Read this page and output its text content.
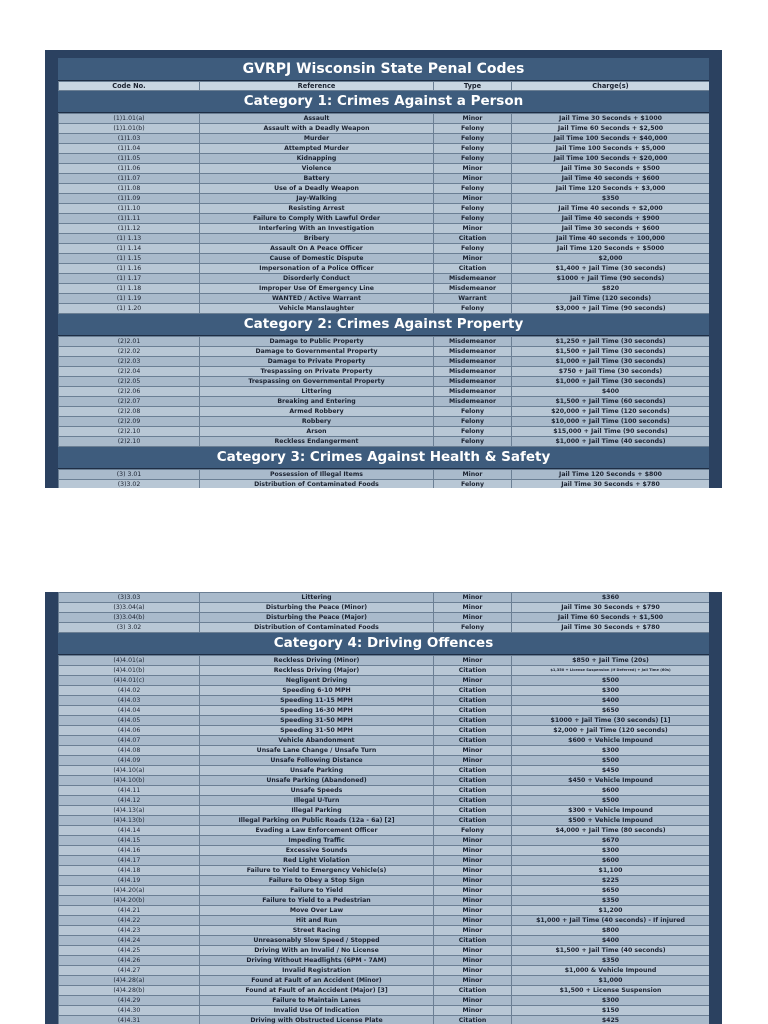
GVRPJ Wisconsin State Penal Codes
Code No.	Reference	Type	Charge(s)
Category 1: Crimes Against a Person
(1)1.01(a)	Assault	Minor	Jail Time 30 Seconds + $1000
(1)1.01(b)	Assault with a Deadly Weapon	Felony	Jail Time 60 Seconds + $2,500
(1)1.03	Murder	Felony	Jail Time 100 Seconds + $40,000
(1)1.04	Attempted Murder	Felony	Jail Time 100 Seconds + $5,000
(1)1.05	Kidnapping	Felony	Jail Time 100 Seconds + $20,000
(1)1.06	Violence	Minor	Jail Time 30 Seconds + $500
(1)1.07	Battery	Minor	Jail Time 40 seconds + $600
(1)1.08	Use of a Deadly Weapon	Felony	Jail Time 120 Seconds + $3,000
(1)1.09	Jay-Walking	Minor	$350
(1)1.10	Resisting Arrest	Felony	Jail Time 40 seconds + $2,000
(1)1.11	Failure to Comply With Lawful Order	Felony	Jail Time 40 seconds + $900
(1)1.12	Interfering With an Investigation	Minor	Jail Time 30 seconds + $600
(1) 1.13	Bribery	Citation	Jail Time 40 seconds + 100,000
(1) 1.14	Assault On A Peace Officer	Felony	Jail Time 120 Seconds + $5000
(1) 1.15	Cause of Domestic Dispute	Minor	$2,000
(1) 1.16	Impersonation of a Police Officer	Citation	$1,400 + Jail Time (30 seconds)
(1) 1.17	Disorderly Conduct	Misdemeanor	$1000 + Jail Time (90 seconds)
(1) 1.18	Improper Use Of Emergency Line	Misdemeanor	$820
(1) 1.19	WANTED / Active Warrant	Warrant	Jail Time (120 seconds)
(1) 1.20	Vehicle Manslaughter	Felony	$3,000 + Jail Time (90 seconds)
Category 2: Crimes Against Property
(2)2.01	Damage to Public Property	Misdemeanor	$1,250 + Jail Time (30 seconds)
(2)2.02	Damage to Governmental Property	Misdemeanor	$1,500 + Jail Time (30 seconds)
(2)2.03	Damage to Private Property	Misdemeanor	$1,000 + Jail Time (30 seconds)
(2)2.04	Trespassing on Private Property	Misdemeanor	$750 + Jail Time (30 seconds)
(2)2.05	Trespassing on Governmental Property	Misdemeanor	$1,000 + Jail Time (30 seconds)
(2)2.06	Littering	Misdemeanor	$400
(2)2.07	Breaking and Entering	Misdemeanor	$1,500 + Jail Time (60 seconds)
(2)2.08	Armed Robbery	Felony	$20,000 + Jail Time (120 seconds)
(2)2.09	Robbery	Felony	$10,000 + Jail Time (100 seconds)
(2)2.10	Arson	Felony	$15,000 + Jail Time (90 seconds)
(2)2.10	Reckless Endangerment	Felony	$1,000 + Jail Time (40 seconds)
Category 3: Crimes Against Health & Safety
(3) 3.01	Possession of Illegal Items	Minor	Jail Time 120 Seconds + $800
(3)3.02	Distribution of Contaminated Foods	Felony	Jail Time 30 Seconds + $780
(3)3.03	Littering	Minor	$360
(3)3.04(a)	Disturbing the Peace (Minor)	Minor	Jail Time 30 Seconds + $790
(3)3.04(b)	Disturbing the Peace (Major)	Minor	Jail Time 60 Seconds + $1,500
(3) 3.02	Distribution of Contaminated Foods	Felony	Jail Time 30 Seconds + $780
Category 4: Driving Offences
(4)4.01(a)	Reckless Driving (Minor)	Minor	$850 + Jail Time (20s)
(4)4.01(b)	Reckless Driving (Major)	Citation	$1,350 + License Suspension (If Deferred) + Jail Time (60s)
(4)4.01(c)	Negligent Driving	Minor	$500
(4)4.02	Speeding 6-10 MPH	Citation	$300
(4)4.03	Speeding 11-15 MPH	Citation	$400
(4)4.04	Speeding 16-30 MPH	Citation	$650
(4)4.05	Speeding 31-50 MPH	Citation	$1000 + Jail Time (30 seconds) [1]
(4)4.06	Speeding 31-50 MPH	Citation	$2,000 + Jail Time (120 seconds)
(4)4.07	Vehicle Abandonment	Citation	$600 + Vehicle Impound
(4)4.08	Unsafe Lane Change / Unsafe Turn	Minor	$300
(4)4.09	Unsafe Following Distance	Minor	$500
(4)4.10(a)	Unsafe Parking	Citation	$450
(4)4.10(b)	Unsafe Parking (Abandoned)	Citation	$450 + Vehicle Impound
(4)4.11	Unsafe Speeds	Citation	$600
(4)4.12	Illegal U-Turn	Citation	$500
(4)4.13(a)	Illegal Parking	Citation	$300 + Vehicle Impound
(4)4.13(b)	Illegal Parking on Public Roads (12a - 6a) [2]	Citation	$500 + Vehicle Impound
(4)4.14	Evading a Law Enforcement Officer	Felony	$4,000 + Jail Time (80 seconds)
(4)4.15	Impeding Traffic	Minor	$670
(4)4.16	Excessive Sounds	Minor	$300
(4)4.17	Red Light Violation	Minor	$600
(4)4.18	Failure to Yield to Emergency Vehicle(s)	Minor	$1,100
(4)4.19	Failure to Obey a Stop Sign	Minor	$225
(4)4.20(a)	Failure to Yield	Minor	$650
(4)4.20(b)	Failure to Yield to a Pedestrian	Minor	$350
(4)4.21	Move Over Law	Minor	$1,200
(4)4.22	Hit and Run	Minor	$1,000 + Jail Time (40 seconds) - If injured
(4)4.23	Street Racing	Minor	$800
(4)4.24	Unreasonably Slow Speed / Stopped	Citation	$400
(4)4.25	Driving With an Invalid / No License	Minor	$1,500 + Jail Time (40 seconds)
(4)4.26	Driving Without Headlights (6PM - 7AM)	Minor	$350
(4)4.27	Invalid Registration	Minor	$1,000 & Vehicle Impound
(4)4.28(a)	Found at Fault of an Accident (Minor)	Minor	$1,000
(4)4.28(b)	Found at Fault of an Accident (Major) [3]	Citation	$1,500 + License Suspension
(4)4.29	Failure to Maintain Lanes	Minor	$300
(4)4.30	Invalid Use Of Indication	Minor	$150
(4)4.31	Driving with Obstructed License Plate	Citation	$425
